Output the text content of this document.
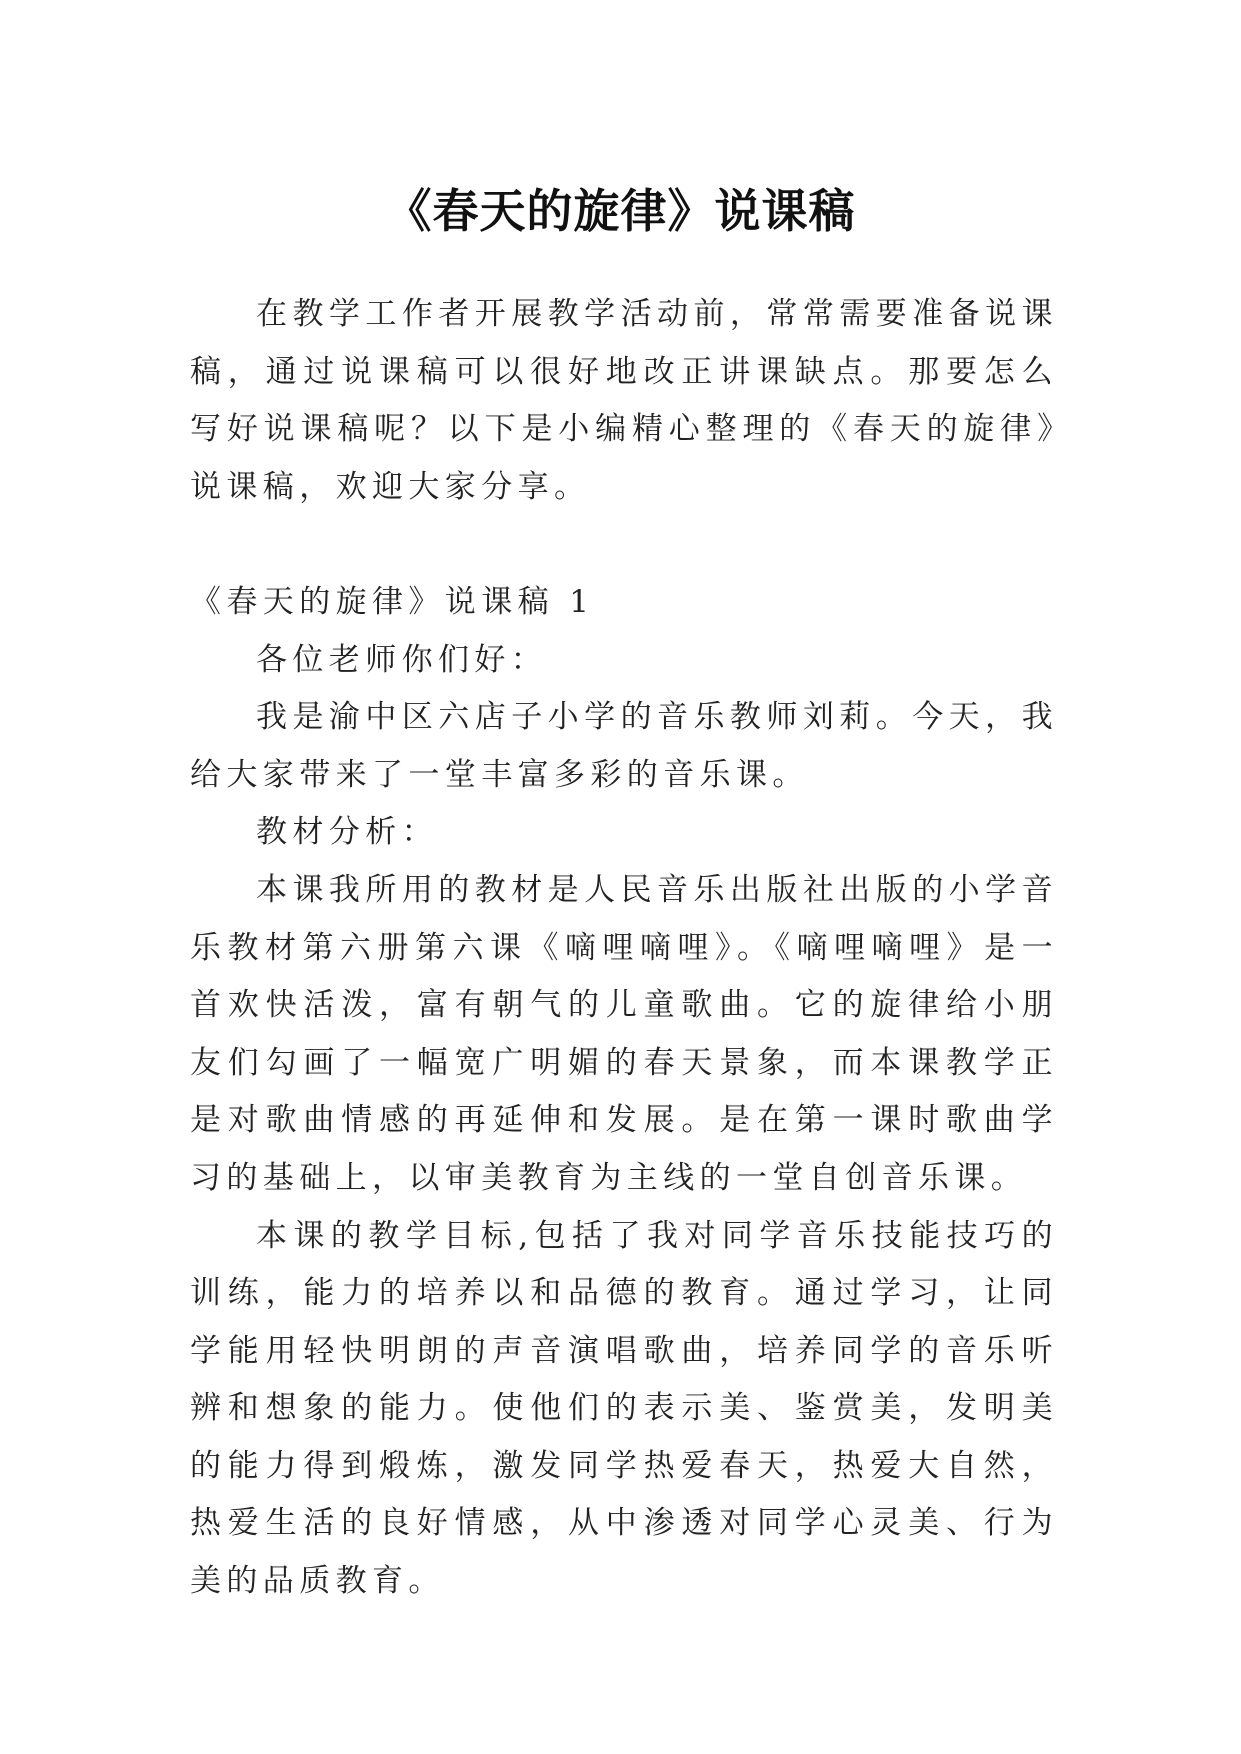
《春天的旋律》说课稿

在教学工作者开展教学活动前，常常需要准备说课稿，通过说课稿可以很好地改正讲课缺点。那要怎么写好说课稿呢？以下是小编精心整理的《春天的旋律》说课稿，欢迎大家分享。

《春天的旋律》说课稿 1

各位老师你们好：

我是渝中区六店子小学的音乐教师刘莉。今天，我给大家带来了一堂丰富多彩的音乐课。

教材分析：

本课我所用的教材是人民音乐出版社出版的小学音乐教材第六册第六课《嘀哩嘀哩》。《嘀哩嘀哩》是一首欢快活泼，富有朝气的儿童歌曲。它的旋律给小朋友们勾画了一幅宽广明媚的春天景象，而本课教学正是对歌曲情感的再延伸和发展。是在第一课时歌曲学习的基础上，以审美教育为主线的一堂自创音乐课。

本课的教学目标,包括了我对同学音乐技能技巧的训练，能力的培养以和品德的教育。通过学习，让同学能用轻快明朗的声音演唱歌曲，培养同学的音乐听辨和想象的能力。使他们的表示美、鉴赏美，发明美的能力得到煅炼，激发同学热爱春天，热爱大自然，热爱生活的良好情感，从中渗透对同学心灵美、行为美的品质教育。
